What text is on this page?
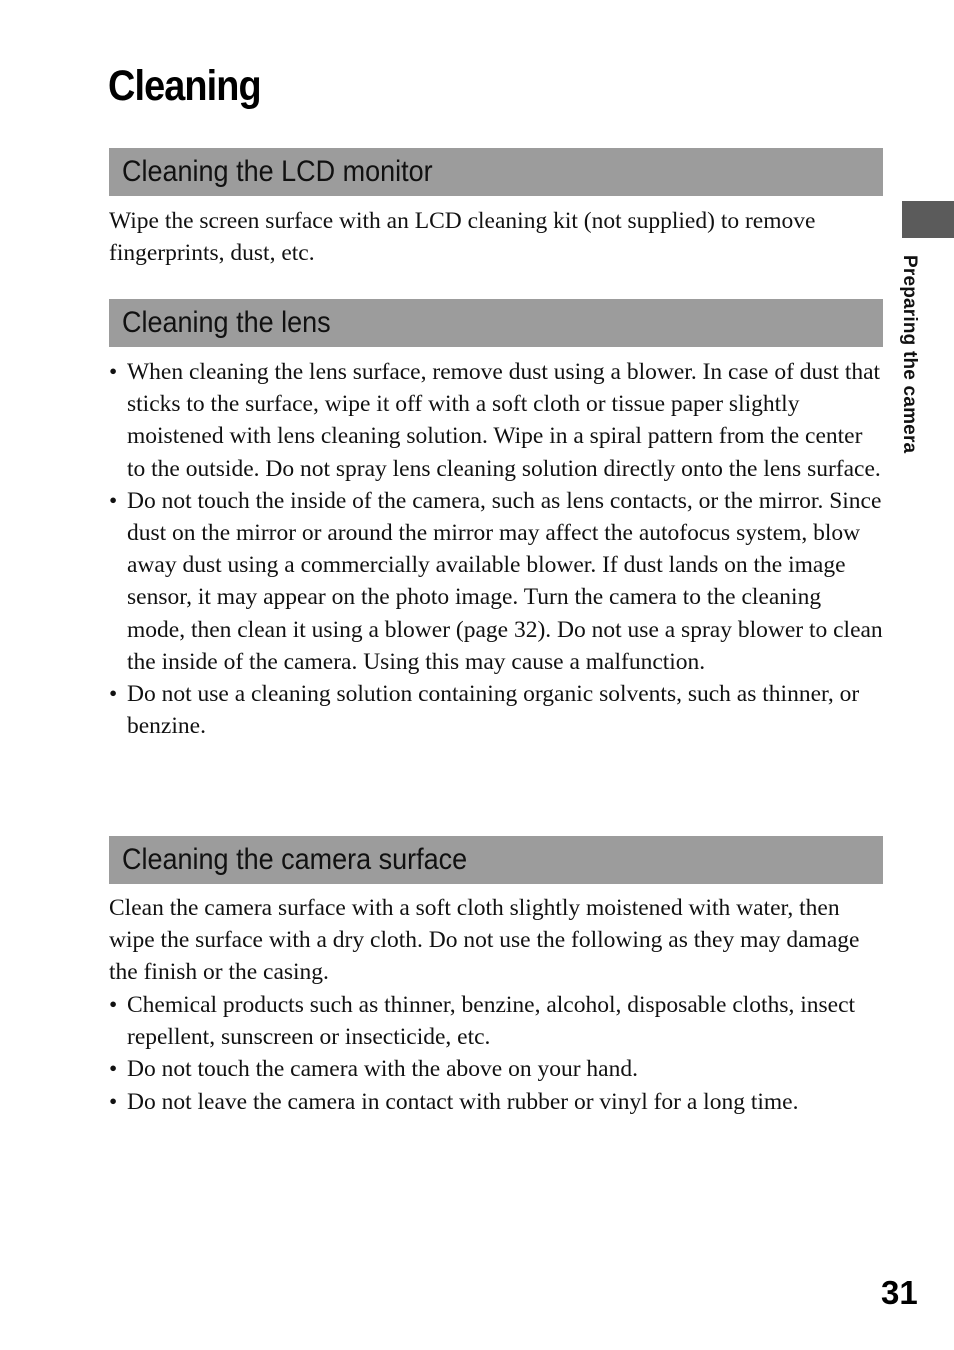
Cleaning
Preparing the camera
Cleaning the LCD monitor

Wipe the screen surface with an LCD cleaning kit (not supplied) to remove fingerprints, dust, etc.

Cleaning the lens
• When cleaning the lens surface, remove dust using a blower. In case of dust that sticks to the surface, wipe it off with a soft cloth or tissue paper slightly moistened with lens cleaning solution. Wipe in a spiral pattern from the center to the outside. Do not spray lens cleaning solution directly onto the lens surface.
• Do not touch the inside of the camera, such as lens contacts, or the mirror. Since dust on the mirror or around the mirror may affect the autofocus system, blow away dust using a commercially available blower. If dust lands on the image sensor, it may appear on the photo image. Turn the camera to the cleaning mode, then clean it using a blower (page 32). Do not use a spray blower to clean the inside of the camera. Using this may cause a malfunction.
• Do not use a cleaning solution containing organic solvents, such as thinner, or benzine.
Cleaning the camera surface

Clean the camera surface with a soft cloth slightly moistened with water, then wipe the surface with a dry cloth. Do not use the following as they may damage the finish or the casing.

• Chemical products such as thinner, benzine, alcohol, disposable cloths, insect repellent, sunscreen or insecticide, etc.
• Do not touch the camera with the above on your hand.
• Do not leave the camera in contact with rubber or vinyl for a long time.
31
